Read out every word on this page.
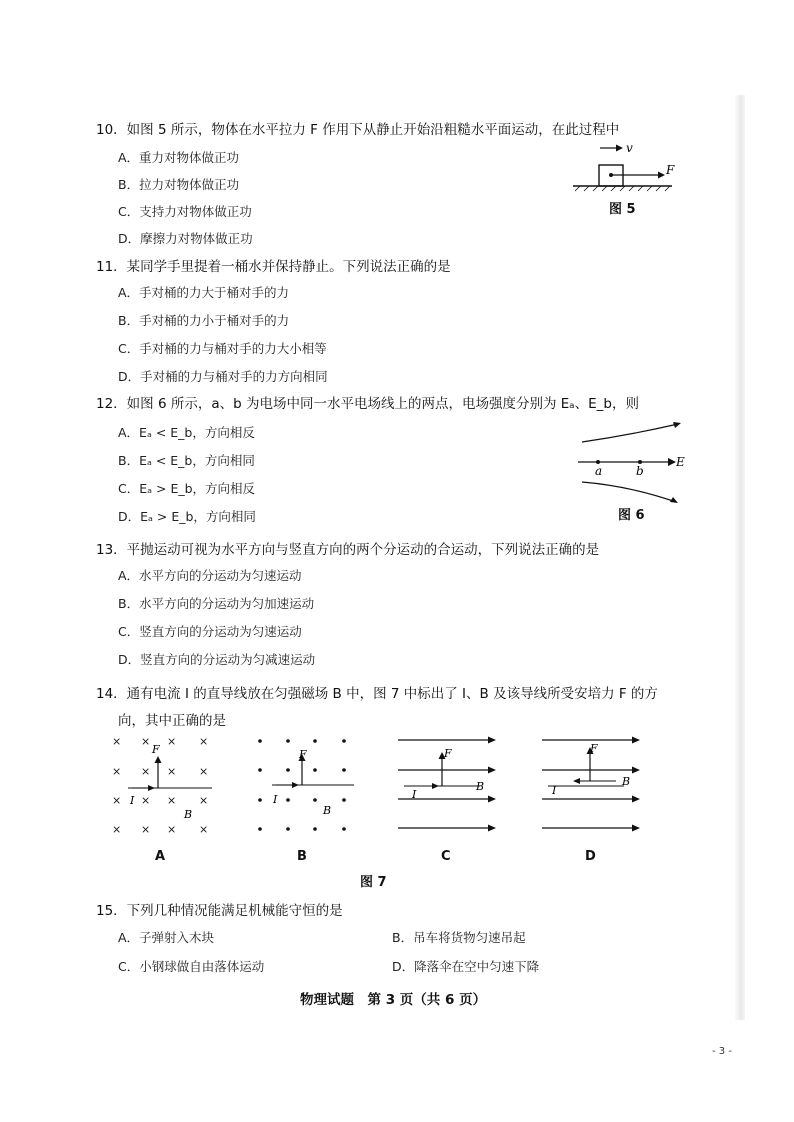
10．如图 5 所示，物体在水平拉力 F 作用下从静止开始沿粗糙水平面运动，在此过程中
A．重力对物体做正功
B．拉力对物体做正功
C．支持力对物体做正功
D．摩擦力对物体做正功
v
F
图 5
11．某同学手里提着一桶水并保持静止。下列说法正确的是
A．手对桶的力大于桶对手的力
B．手对桶的力小于桶对手的力
C．手对桶的力与桶对手的力大小相等
D．手对桶的力与桶对手的力方向相同
12．如图 6 所示，a、b 为电场中同一水平电场线上的两点，电场强度分别为 Eₐ、E_b，则
A．Eₐ < E_b，方向相反
B．Eₐ < E_b，方向相同
C．Eₐ > E_b，方向相反
D．Eₐ > E_b，方向相同
a	b
E
图 6
13．平抛运动可视为水平方向与竖直方向的两个分运动的合运动，下列说法正确的是
A．水平方向的分运动为匀速运动
B．水平方向的分运动为匀加速运动
C．竖直方向的分运动为匀速运动
D．竖直方向的分运动为匀减速运动
14．通有电流 I 的直导线放在匀强磁场 B 中，图 7 中标出了 I、B 及该导线所受安培力 F 的方
向，其中正确的是
× × × ×
× × × ×
× × × ×
× × × ×
F
I
B
F
I
B
F
I
B
F
I
B
A	B	C	D
图 7
15．下列几种情况能满足机械能守恒的是
A．子弹射入木块	B．吊车将货物匀速吊起
C．小钢球做自由落体运动	D．降落伞在空中匀速下降
物理试题　第 3 页（共 6 页）
- 3 -
